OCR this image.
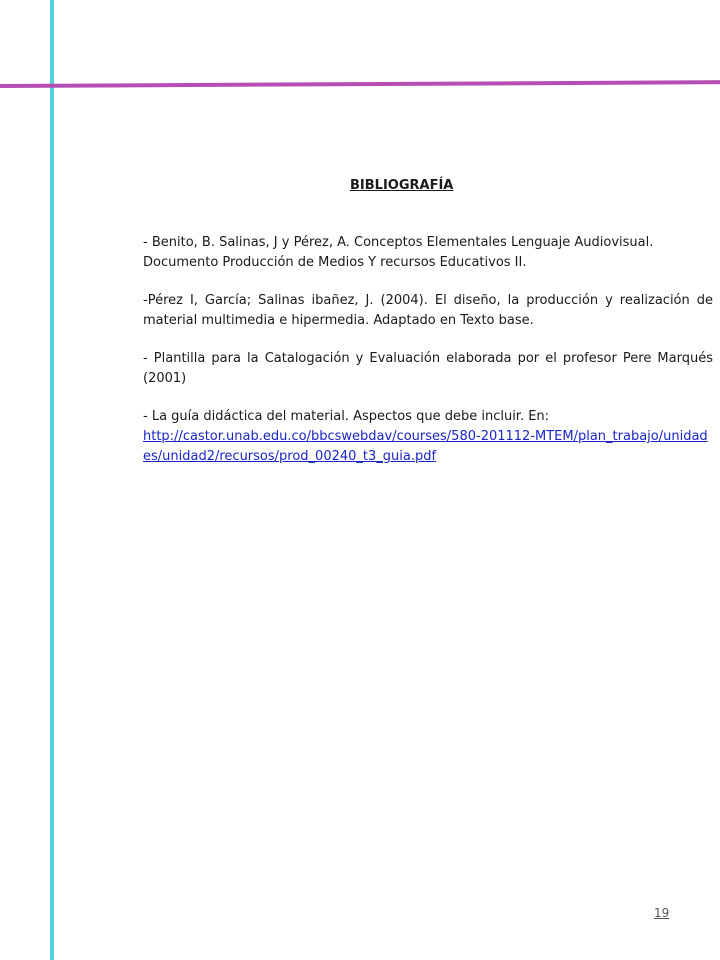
BIBLIOGRAFÍA

- Benito, B. Salinas, J y Pérez, A. Conceptos Elementales Lenguaje Audiovisual. Documento Producción de Medios Y recursos Educativos II.

-Pérez I, García; Salinas ibañez, J. (2004). El diseño, la producción y realización de material multimedia e hipermedia. Adaptado en Texto base.

- Plantilla para la Catalogación y Evaluación elaborada por el profesor Pere Marqués (2001)

- La guía didáctica del material. Aspectos que debe incluir. En:
http://castor.unab.edu.co/bbcswebdav/courses/580-201112-MTEM/plan_trabajo/unidades/unidad2/recursos/prod_00240_t3_guia.pdf

19
